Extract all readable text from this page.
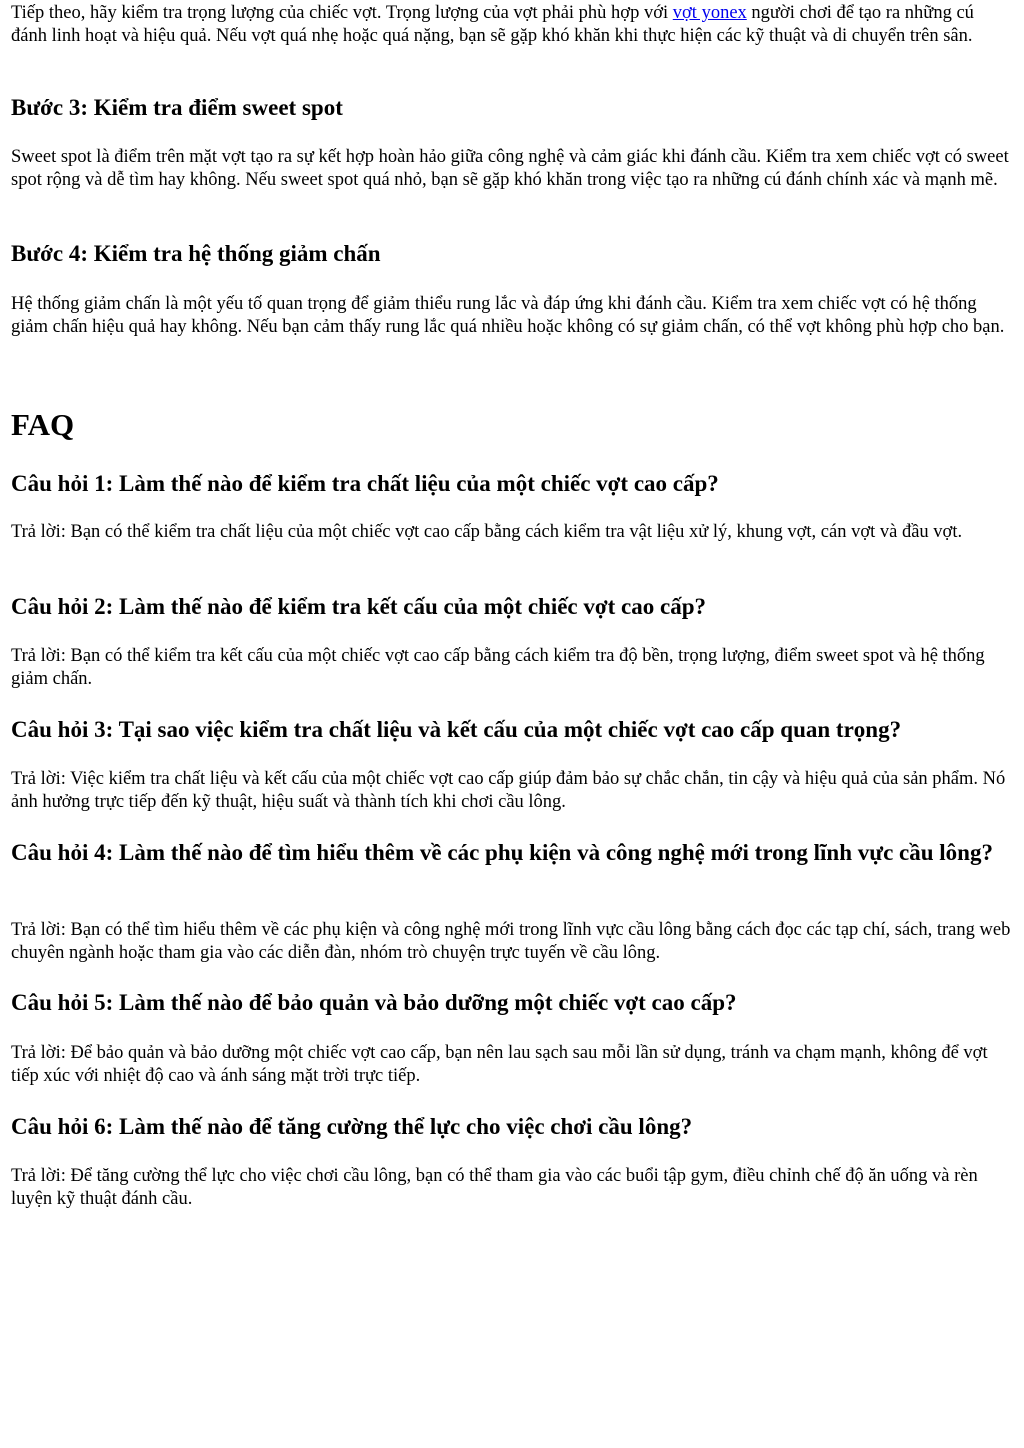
Tiếp theo, hãy kiểm tra trọng lượng của chiếc vợt. Trọng lượng của vợt phải phù hợp với vợt yonex người chơi để tạo ra những cú đánh linh hoạt và hiệu quả. Nếu vợt quá nhẹ hoặc quá nặng, bạn sẽ gặp khó khăn khi thực hiện các kỹ thuật và di chuyển trên sân.

Bước 3: Kiểm tra điểm sweet spot

Sweet spot là điểm trên mặt vợt tạo ra sự kết hợp hoàn hảo giữa công nghệ và cảm giác khi đánh cầu. Kiểm tra xem chiếc vợt có sweet spot rộng và dễ tìm hay không. Nếu sweet spot quá nhỏ, bạn sẽ gặp khó khăn trong việc tạo ra những cú đánh chính xác và mạnh mẽ.

Bước 4: Kiểm tra hệ thống giảm chấn

Hệ thống giảm chấn là một yếu tố quan trọng để giảm thiểu rung lắc và đáp ứng khi đánh cầu. Kiểm tra xem chiếc vợt có hệ thống giảm chấn hiệu quả hay không. Nếu bạn cảm thấy rung lắc quá nhiều hoặc không có sự giảm chấn, có thể vợt không phù hợp cho bạn.

FAQ
Câu hỏi 1: Làm thế nào để kiểm tra chất liệu của một chiếc vợt cao cấp?

Trả lời: Bạn có thể kiểm tra chất liệu của một chiếc vợt cao cấp bằng cách kiểm tra vật liệu xử lý, khung vợt, cán vợt và đầu vợt.

Câu hỏi 2: Làm thế nào để kiểm tra kết cấu của một chiếc vợt cao cấp?

Trả lời: Bạn có thể kiểm tra kết cấu của một chiếc vợt cao cấp bằng cách kiểm tra độ bền, trọng lượng, điểm sweet spot và hệ thống giảm chấn.

Câu hỏi 3: Tại sao việc kiểm tra chất liệu và kết cấu của một chiếc vợt cao cấp quan trọng?

Trả lời: Việc kiểm tra chất liệu và kết cấu của một chiếc vợt cao cấp giúp đảm bảo sự chắc chắn, tin cậy và hiệu quả của sản phẩm. Nó ảnh hưởng trực tiếp đến kỹ thuật, hiệu suất và thành tích khi chơi cầu lông.

Câu hỏi 4: Làm thế nào để tìm hiểu thêm về các phụ kiện và công nghệ mới trong lĩnh vực cầu lông?

Trả lời: Bạn có thể tìm hiểu thêm về các phụ kiện và công nghệ mới trong lĩnh vực cầu lông bằng cách đọc các tạp chí, sách, trang web chuyên ngành hoặc tham gia vào các diễn đàn, nhóm trò chuyện trực tuyến về cầu lông.

Câu hỏi 5: Làm thế nào để bảo quản và bảo dưỡng một chiếc vợt cao cấp?

Trả lời: Để bảo quản và bảo dưỡng một chiếc vợt cao cấp, bạn nên lau sạch sau mỗi lần sử dụng, tránh va chạm mạnh, không để vợt tiếp xúc với nhiệt độ cao và ánh sáng mặt trời trực tiếp.

Câu hỏi 6: Làm thế nào để tăng cường thể lực cho việc chơi cầu lông?

Trả lời: Để tăng cường thể lực cho việc chơi cầu lông, bạn có thể tham gia vào các buổi tập gym, điều chỉnh chế độ ăn uống và rèn luyện kỹ thuật đánh cầu.
